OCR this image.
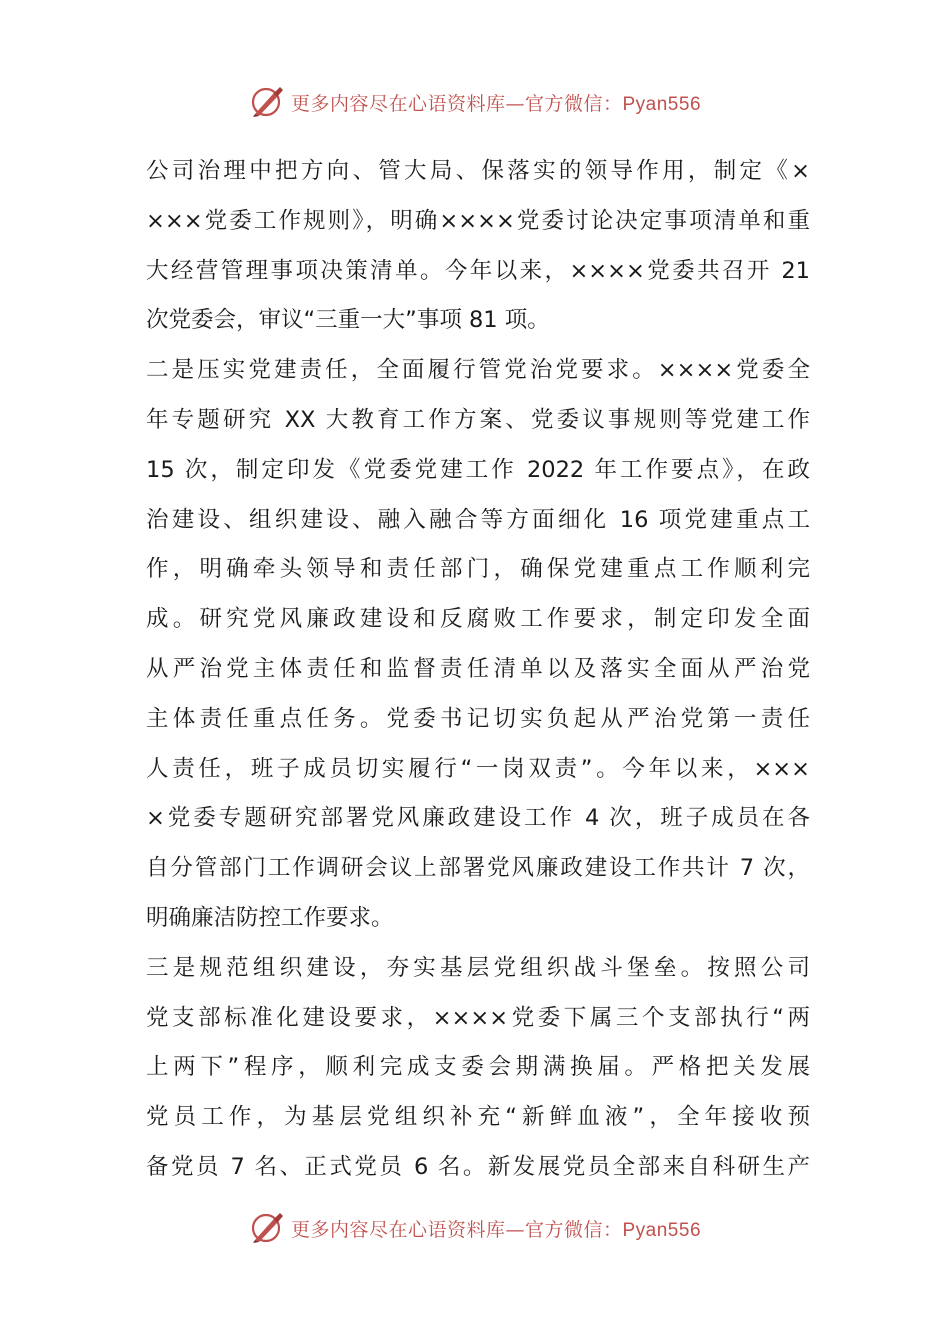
更多内容尽在心语资料库—官方微信：Pyan556
公司治理中把方向、管大局、保落实的领导作用，制定《×
×××党委工作规则》，明确××××党委讨论决定事项清单和重
大经营管理事项决策清单。今年以来，××××党委共召开 21
次党委会，审议“三重一大”事项 81 项。
二是压实党建责任，全面履行管党治党要求。××××党委全
年专题研究 XX 大教育工作方案、党委议事规则等党建工作
15 次，制定印发《党委党建工作 2022 年工作要点》，在政
治建设、组织建设、融入融合等方面细化 16 项党建重点工
作，明确牵头领导和责任部门，确保党建重点工作顺利完
成。研究党风廉政建设和反腐败工作要求，制定印发全面
从严治党主体责任和监督责任清单以及落实全面从严治党
主体责任重点任务。党委书记切实负起从严治党第一责任
人责任，班子成员切实履行“一岗双责”。今年以来，×××
×党委专题研究部署党风廉政建设工作 4 次，班子成员在各
自分管部门工作调研会议上部署党风廉政建设工作共计 7 次，
明确廉洁防控工作要求。
三是规范组织建设，夯实基层党组织战斗堡垒。按照公司
党支部标准化建设要求，××××党委下属三个支部执行“两
上两下”程序，顺利完成支委会期满换届。严格把关发展
党员工作，为基层党组织补充“新鲜血液”，全年接收预
备党员 7 名、正式党员 6 名。新发展党员全部来自科研生产
更多内容尽在心语资料库—官方微信：Pyan556
